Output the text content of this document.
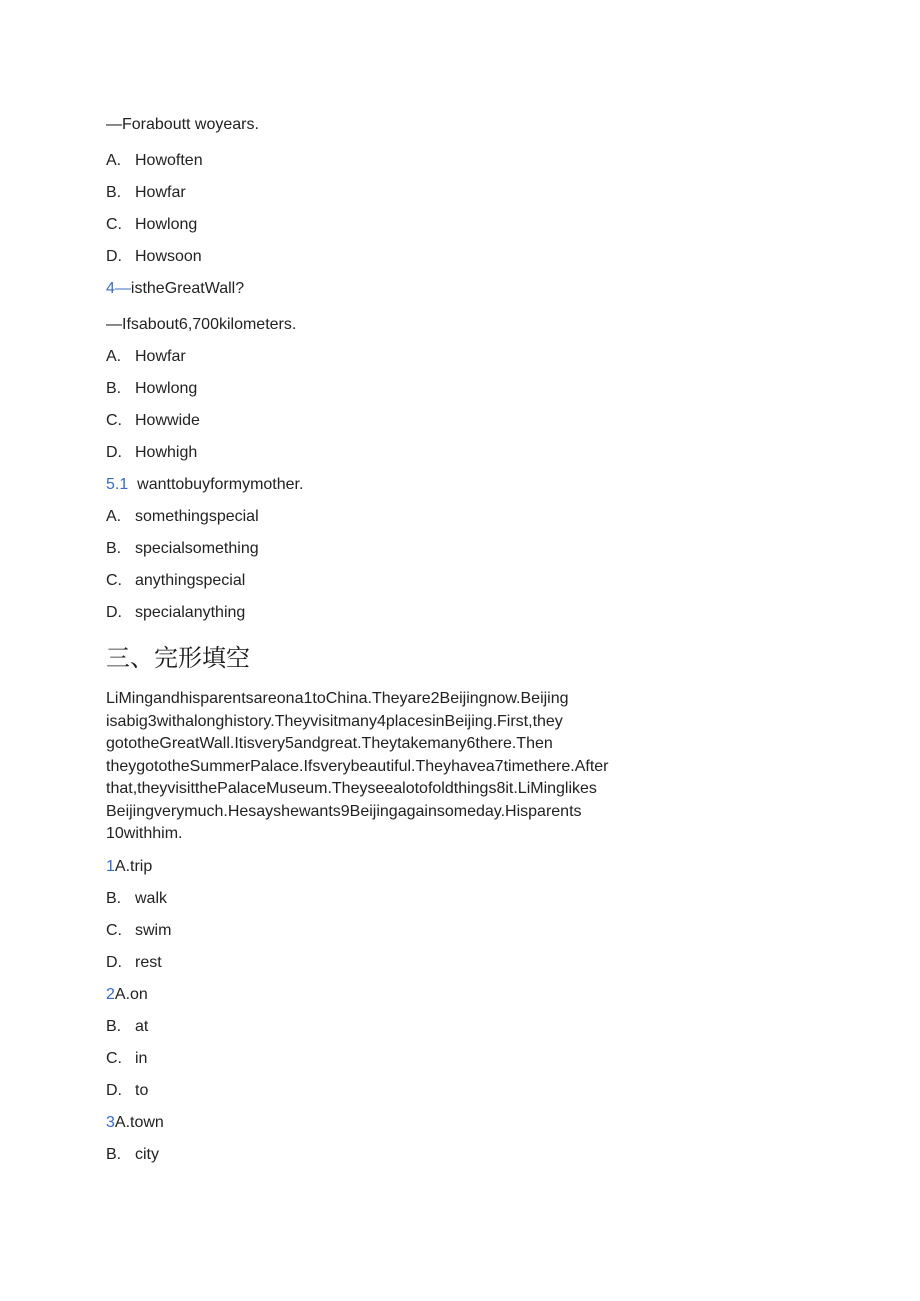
—Foraboutt woyears.
A. Howoften
B. Howfar
C. Howlong
D. Howsoon
4—istheGreatWall?
—Ifsabout6,700kilometers.
A. Howfar
B. Howlong
C. Howwide
D. Howhigh
5.1  wanttobuyformymother.
A. somethingspecial
B. specialsomething
C. anythingspecial
D. specialanything
三、完形填空
LiMingandhisparentsareona1toChina.Theyare2Beijingnow.Beijing
isabig3withalonghistory.Theyvisitmany4placesinBeijing.First,they
gototheGreatWall.Itisvery5andgreat.Theytakemany6there.Then
theygototheSummerPalace.Ifsverybeautiful.Theyhavea7timethere.After
that,theyvisitthePalaceMuseum.Theyseealotofoldthings8it.LiMinglikes
Beijingverymuch.Hesayshewants9Beijingagainsomeday.Hisparents
10withhim.
1A.trip
B. walk
C. swim
D. rest
2A.on
B. at
C. in
D. to
3A.town
B. city
